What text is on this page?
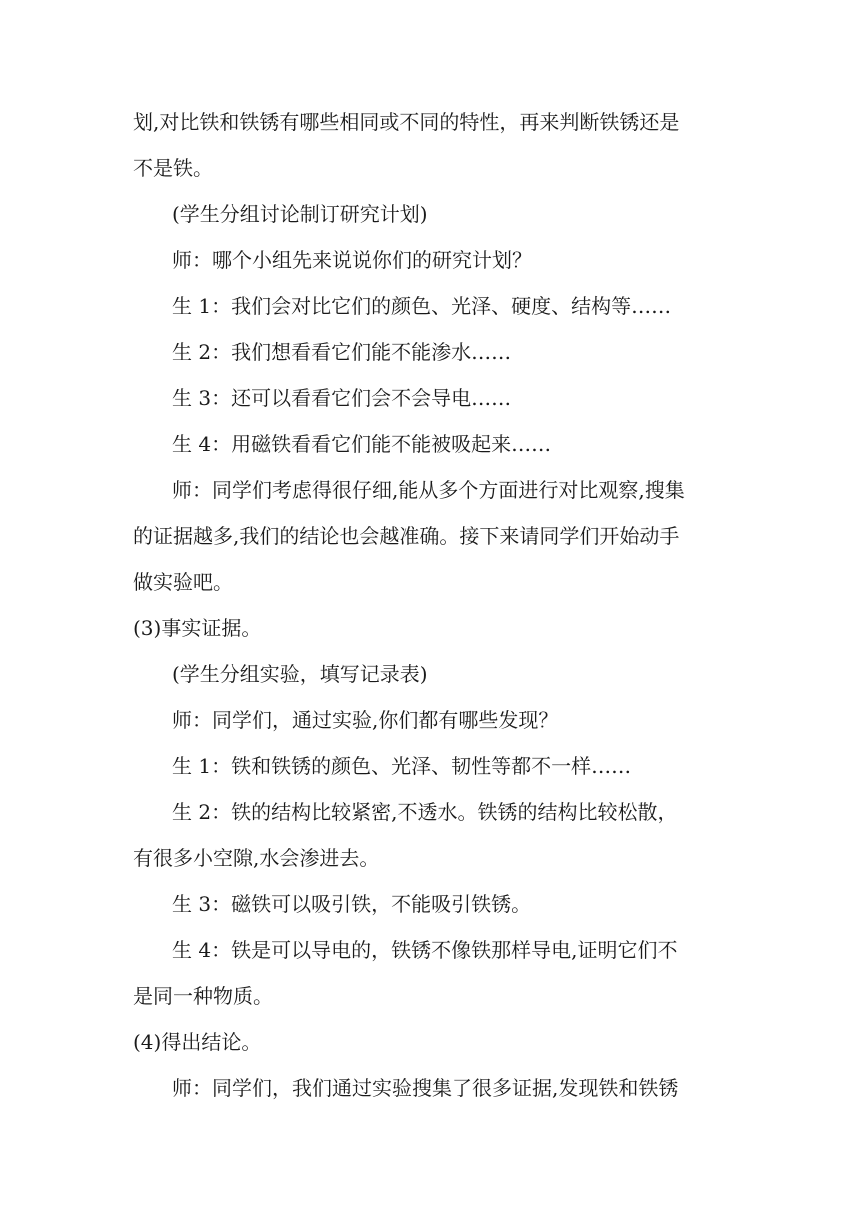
划,对比铁和铁锈有哪些相同或不同的特性，再来判断铁锈还是
不是铁。
(学生分组讨论制订研究计划)
师：哪个小组先来说说你们的研究计划？
生 1：我们会对比它们的颜色、光泽、硬度、结构等……
生 2：我们想看看它们能不能渗水……
生 3：还可以看看它们会不会导电……
生 4：用磁铁看看它们能不能被吸起来……
师：同学们考虑得很仔细,能从多个方面进行对比观察,搜集
的证据越多,我们的结论也会越准确。接下来请同学们开始动手
做实验吧。
(3)事实证据。
(学生分组实验，填写记录表)
师：同学们，通过实验,你们都有哪些发现？
生 1：铁和铁锈的颜色、光泽、韧性等都不一样……
生 2：铁的结构比较紧密,不透水。铁锈的结构比较松散，
有很多小空隙,水会渗进去。
生 3：磁铁可以吸引铁，不能吸引铁锈。
生 4：铁是可以导电的，铁锈不像铁那样导电,证明它们不
是同一种物质。
(4)得出结论。
师：同学们，我们通过实验搜集了很多证据,发现铁和铁锈
